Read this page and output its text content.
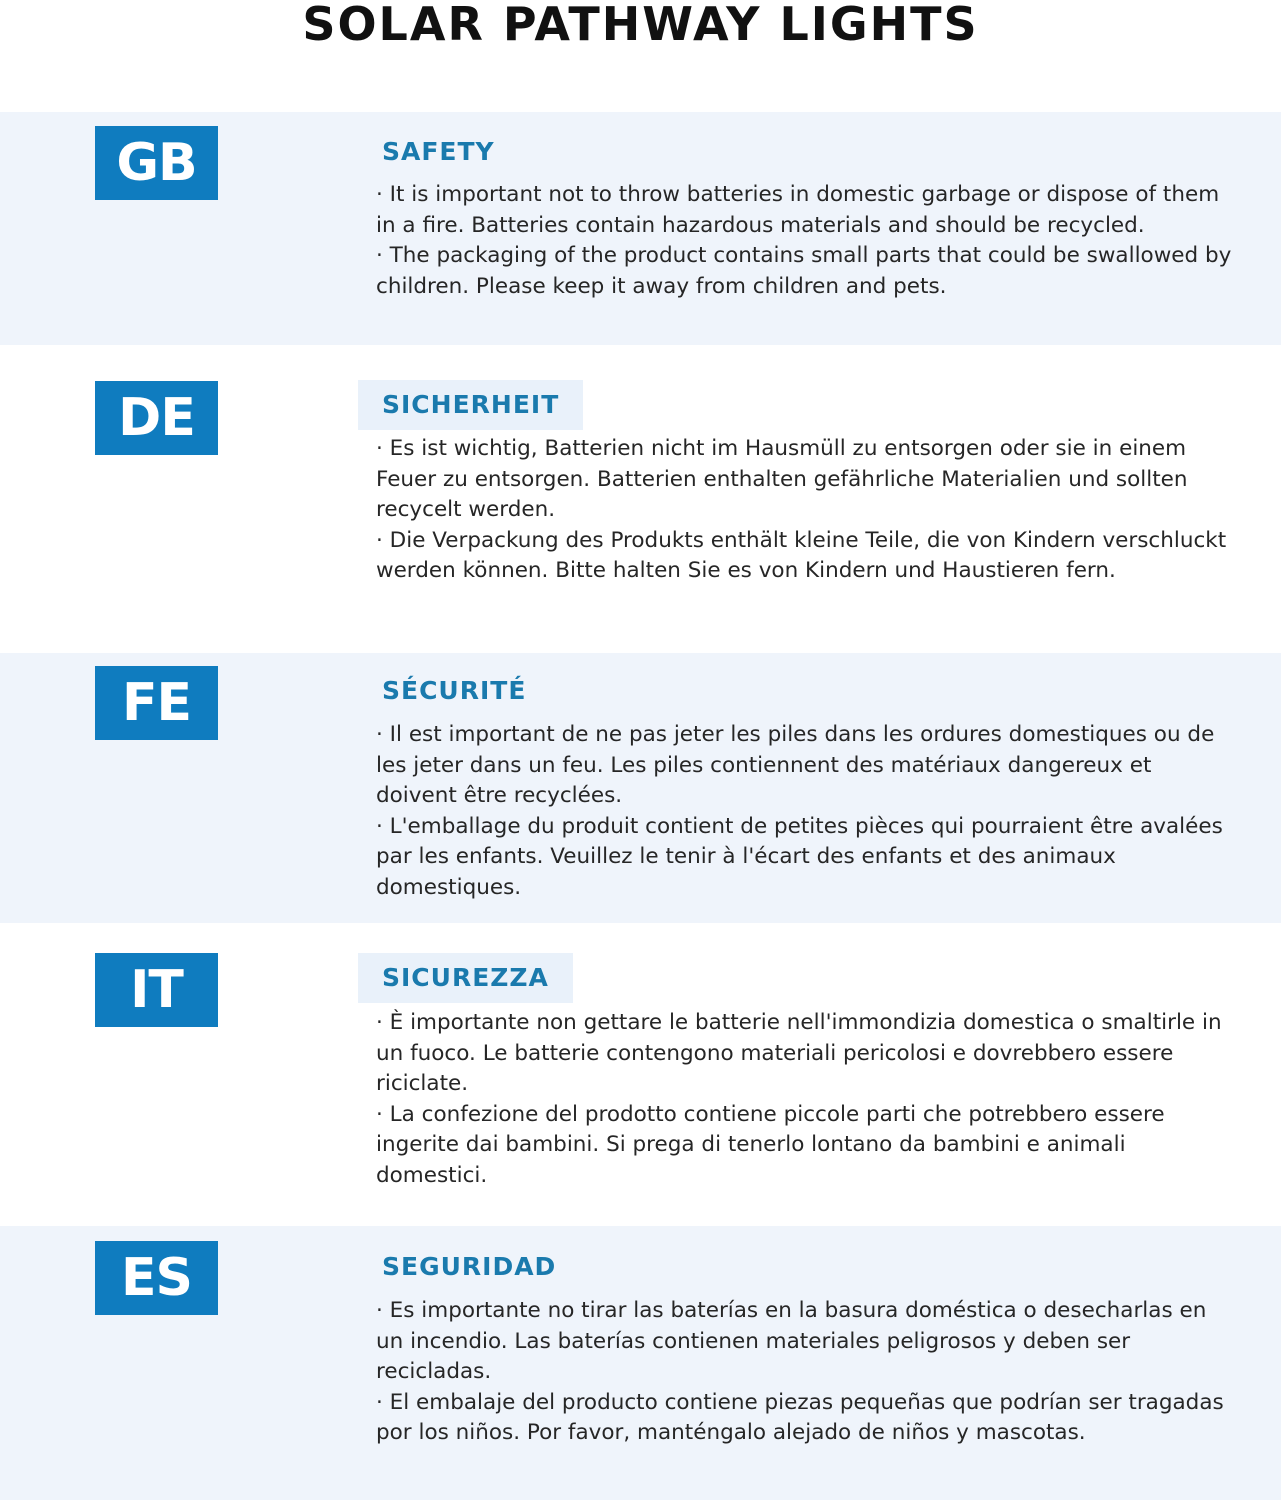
SOLAR PATHWAY LIGHTS
GB	SAFETY

· It is important not to throw batteries in domestic garbage or dispose of them in a fire. Batteries contain hazardous materials and should be recycled.

· The packaging of the product contains small parts that could be swallowed by children. Please keep it away from children and pets.

DE	SICHERHEIT

· Es ist wichtig, Batterien nicht im Hausmüll zu entsorgen oder sie in einem Feuer zu entsorgen. Batterien enthalten gefährliche Materialien und sollten recycelt werden.

· Die Verpackung des Produkts enthält kleine Teile, die von Kindern verschluckt werden können. Bitte halten Sie es von Kindern und Haustieren fern.

FE	SÉCURITÉ

· Il est important de ne pas jeter les piles dans les ordures domestiques ou de les jeter dans un feu. Les piles contiennent des matériaux dangereux et doivent être recyclées.

· L'emballage du produit contient de petites pièces qui pourraient être avalées par les enfants. Veuillez le tenir à l'écart des enfants et des animaux domestiques.

IT	SICUREZZA

· È importante non gettare le batterie nell'immondizia domestica o smaltirle in un fuoco. Le batterie contengono materiali pericolosi e dovrebbero essere riciclate.

· La confezione del prodotto contiene piccole parti che potrebbero essere ingerite dai bambini. Si prega di tenerlo lontano da bambini e animali domestici.

ES	SEGURIDAD

· Es importante no tirar las baterías en la basura doméstica o desecharlas en un incendio. Las baterías contienen materiales peligrosos y deben ser recicladas.

· El embalaje del producto contiene piezas pequeñas que podrían ser tragadas por los niños. Por favor, manténgalo alejado de niños y mascotas.
